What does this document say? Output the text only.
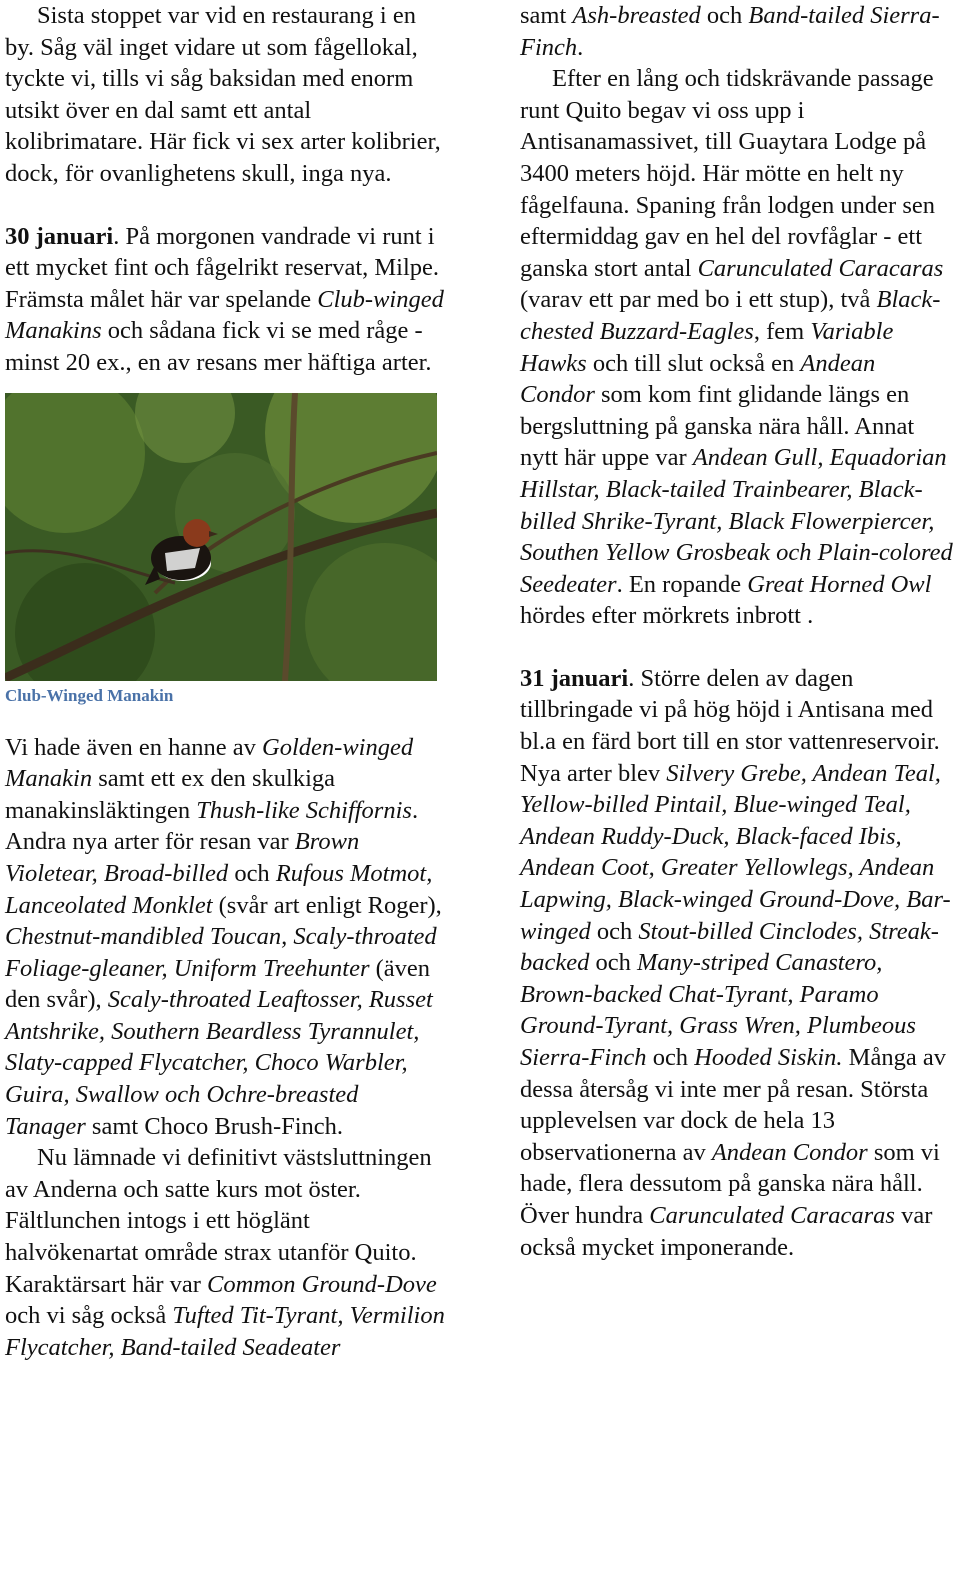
Sista stoppet var vid en restaurang i en by. Såg väl inget vidare ut som fågellokal, tyckte vi, tills vi såg baksidan med enorm utsikt över en dal samt ett antal kolibrimatare. Här fick vi sex arter kolibrier, dock, för ovanlighetens skull, inga nya.

30 januari. På morgonen vandrade vi runt i ett mycket fint och fågelrikt reservat, Milpe. Främsta målet här var spelande Club-winged Manakins och sådana fick vi se med råge - minst 20 ex., en av resans mer häftiga arter.

Club-Winged Manakin

Vi hade även en hanne av Golden-winged Manakin samt ett ex den skulkiga manakinsläktingen Thush-like Schiffornis. Andra nya arter för resan var Brown Violetear, Broad-billed och Rufous Motmot, Lanceolated Monklet (svår art enligt Roger), Chestnut-mandibled Toucan, Scaly-throated Foliage-gleaner, Uniform Treehunter (även den svår), Scaly-throated Leaftosser, Russet Antshrike, Southern Beardless Tyrannulet, Slaty-capped Flycatcher, Choco Warbler, Guira, Swallow och Ochre-breasted Tanager samt Choco Brush-Finch.

Nu lämnade vi definitivt västsluttningen av Anderna och satte kurs mot öster. Fältlunchen intogs i ett höglänt halvökenartat område strax utanför Quito. Karaktärsart här var Common Ground-Dove och vi såg också Tufted Tit-Tyrant, Vermilion Flycatcher, Band-tailed Seadeater

samt Ash-breasted och Band-tailed Sierra-Finch.

Efter en lång och tidskrävande passage runt Quito begav vi oss upp i Antisanamassivet, till Guaytara Lodge på 3400 meters höjd. Här mötte en helt ny fågelfauna. Spaning från lodgen under sen eftermiddag gav en hel del rovfåglar - ett ganska stort antal Carunculated Caracaras (varav ett par med bo i ett stup), två Black-chested Buzzard-Eagles, fem Variable Hawks och till slut också en Andean Condor som kom fint glidande längs en bergsluttning på ganska nära håll. Annat nytt här uppe var Andean Gull, Equadorian Hillstar, Black-tailed Trainbearer, Black-billed Shrike-Tyrant, Black Flowerpiercer, Southen Yellow Grosbeak och Plain-colored Seedeater. En ropande Great Horned Owl hördes efter mörkrets inbrott .

31 januari. Större delen av dagen tillbringade vi på hög höjd i Antisana med bl.a en färd bort till en stor vattenreservoir. Nya arter blev Silvery Grebe, Andean Teal, Yellow-billed Pintail, Blue-winged Teal, Andean Ruddy-Duck, Black-faced Ibis, Andean Coot, Greater Yellowlegs, Andean Lapwing, Black-winged Ground-Dove, Bar-winged och Stout-billed Cinclodes, Streak-backed och Many-striped Canastero, Brown-backed Chat-Tyrant, Paramo Ground-Tyrant, Grass Wren, Plumbeous Sierra-Finch och Hooded Siskin. Många av dessa återsåg vi inte mer på resan. Största upplevelsen var dock de hela 13 observationerna av Andean Condor som vi hade, flera dessutom på ganska nära håll. Över hundra Carunculated Caracaras var också mycket imponerande.
